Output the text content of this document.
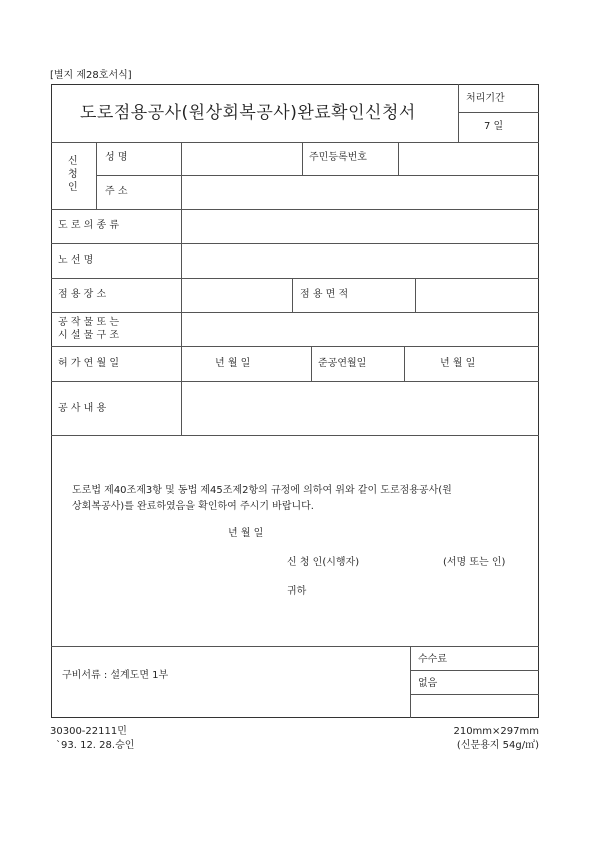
[별지 제28호서식]
도로점용공사(원상회복공사)완료확인신청서
처리기간
7 일
신
청
인
성 명	주민등록번호
주 소
도 로 의 종 류
노 선 명
점 용 장 소	점 용 면 적
공 작 물 또 는
시 설 물 구 조
허 가 연 월 일	년 월 일	준공연월일	년 월 일
공 사 내 용
도로법 제40조제3항 및 동법 제45조제2항의 규정에 의하여 위와 같이 도로점용공사(원
상회복공사)를 완료하였음을 확인하여 주시기 바랍니다.
년 월 일
신 청 인(시행자)	(서명 또는 인)
귀하
구비서류 : 설계도면 1부
수수료
없음
30300-22111민
`93. 12. 28.승인
210mm×297mm
(신문용지 54g/㎡)
